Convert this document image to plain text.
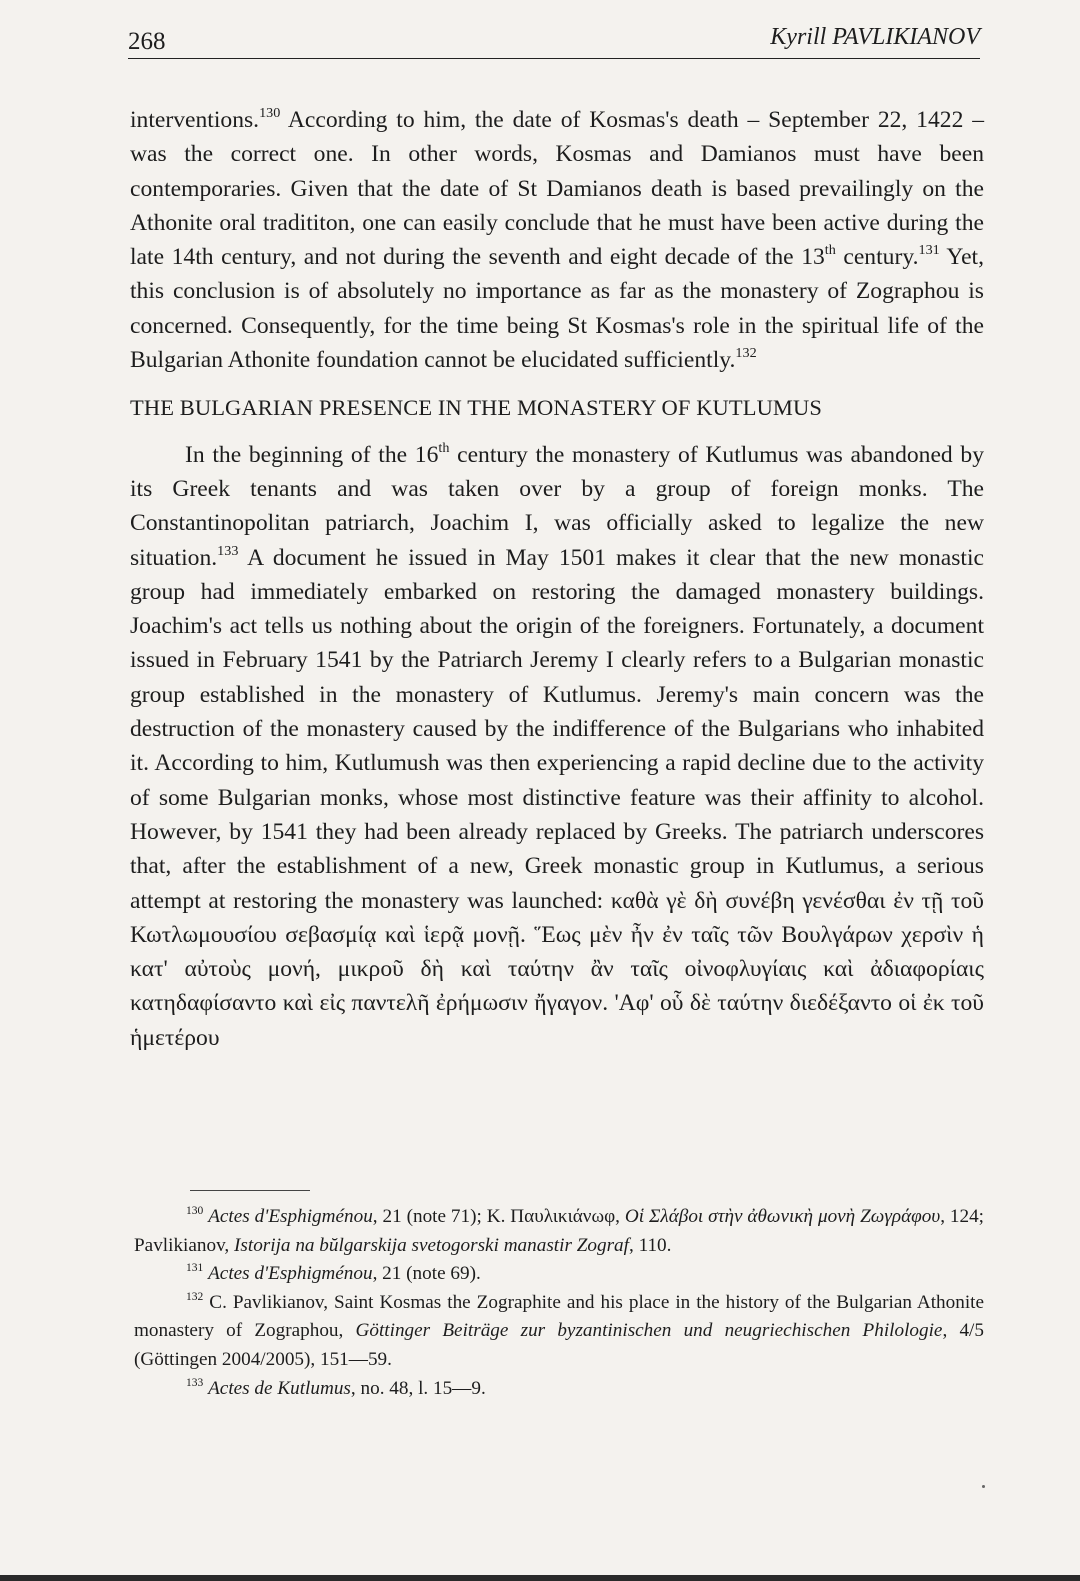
268	Kyrill PAVLIKIANOV

interventions.$^{130}$ According to him, the date of Kosmas's death – September 22, 1422 – was the correct one. In other words, Kosmas and Damianos must have been contemporaries. Given that the date of St Damianos death is based prevailingly on the Athonite oral tradititon, one can easily conclude that he must have been active during the late 14th century, and not during the seventh and eight decade of the 13th century.$^{131}$ Yet, this conclusion is of absolutely no importance as far as the monastery of Zographou is concerned. Consequently, for the time being St Kosmas's role in the spiritual life of the Bulgarian Athonite foundation cannot be elucidated sufficiently.$^{132}$

THE BULGARIAN PRESENCE IN THE MONASTERY OF KUTLUMUS

In the beginning of the 16th century the monastery of Kutlumus was abandoned by its Greek tenants and was taken over by a group of foreign monks. The Constantinopolitan patriarch, Joachim I, was officially asked to legalize the new situation.$^{133}$ A document he issued in May 1501 makes it clear that the new monastic group had immediately embarked on restoring the damaged monastery buildings. Joachim's act tells us nothing about the origin of the foreigners. Fortunately, a document issued in February 1541 by the Patriarch Jeremy I clearly refers to a Bulgarian monastic group established in the monastery of Kutlumus. Jeremy's main concern was the destruction of the monastery caused by the indifference of the Bulgarians who inhabited it. According to him, Kutlumush was then experiencing a rapid decline due to the activity of some Bulgarian monks, whose most distinctive feature was their affinity to alcohol. However, by 1541 they had been already replaced by Greeks. The patriarch underscores that, after the establishment of a new, Greek monastic group in Kutlumus, a serious attempt at restoring the monastery was launched: καθὰ γὲ δὴ συνέβη γενέσθαι ἐν τῇ τοῦ Κωτλωμουσίου σεβασμίᾳ καὶ ἱερᾷ μονῇ. Ἕως μὲν ἦν ἐν ταῖς τῶν Βουλγάρων χερσὶν ἡ κατ' αὐτοὺς μονή, μικροῦ δὴ καὶ ταύτην ἂν ταῖς οἰνοφλυγίαις καὶ ἀδιαφορίαις κατηδαφίσαντο καὶ εἰς παντελῆ ἐρήμωσιν ἤγαγον. 'Αφ' οὗ δὲ ταύτην διεδέξαντο οἱ ἐκ τοῦ ἡμετέρου

$^{130}$ Actes d'Esphigménou, 21 (note 71); Κ. Παυλικιάνωφ, Οἱ Σλάβοι στὴν ἀθωνικὴ μονὴ Ζωγράφου, 124; Pavlikianov, Istorija na bŭlgarskija svetogorski manastir Zograf, 110.

$^{131}$ Actes d'Esphigménou, 21 (note 69).

$^{132}$ C. Pavlikianov, Saint Kosmas the Zographite and his place in the history of the Bulgarian Athonite monastery of Zographou, Göttinger Beiträge zur byzantinischen und neugriechischen Philologie, 4/5 (Göttingen 2004/2005), 151—59.

$^{133}$ Actes de Kutlumus, no. 48, l. 15—9.
